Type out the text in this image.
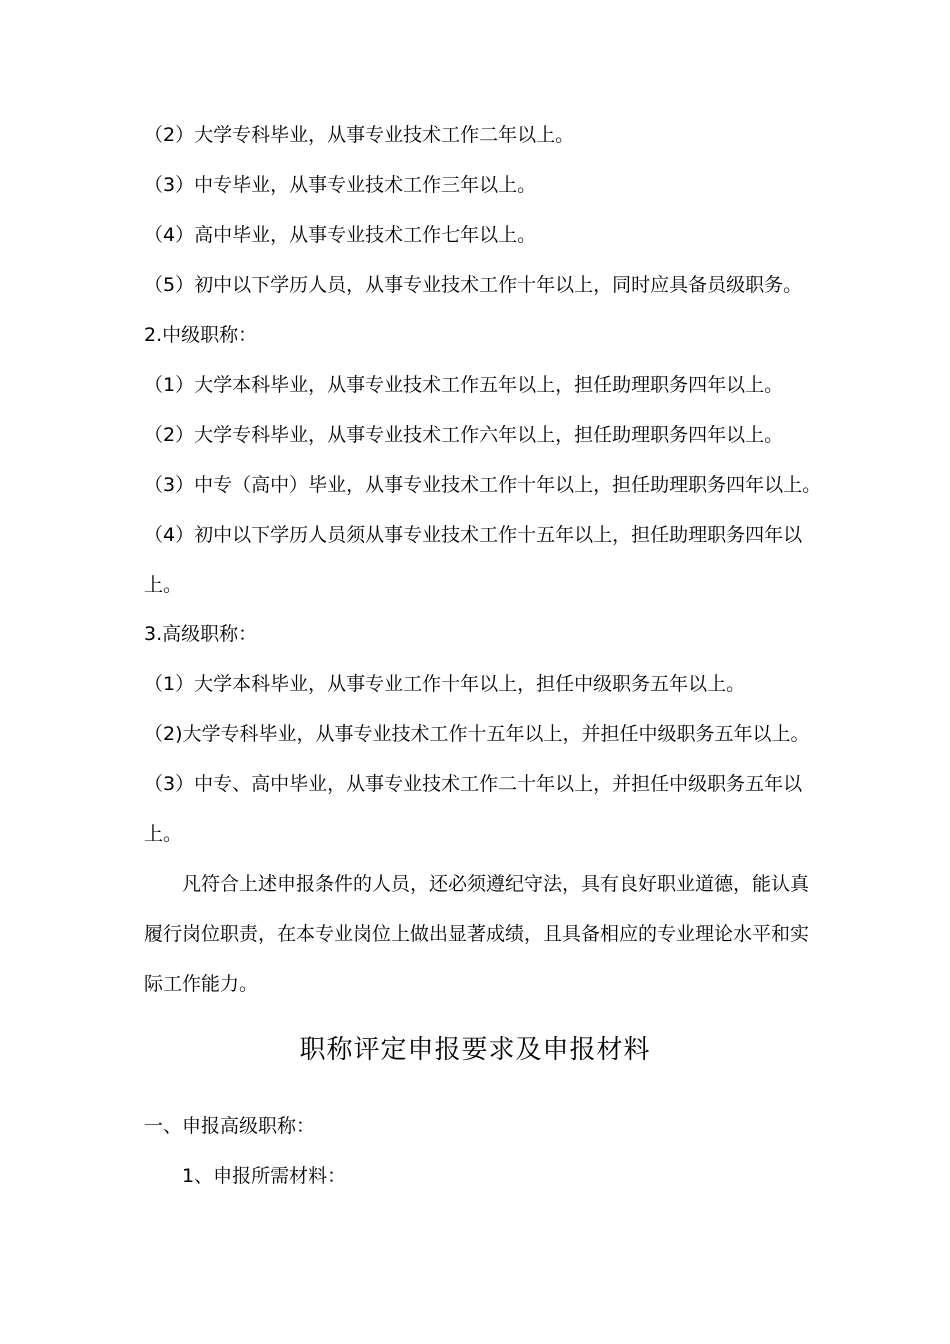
（2）大学专科毕业，从事专业技术工作二年以上。
（3）中专毕业，从事专业技术工作三年以上。
（4）高中毕业，从事专业技术工作七年以上。
（5）初中以下学历人员，从事专业技术工作十年以上，同时应具备员级职务。
2.中级职称：
（1）大学本科毕业，从事专业技术工作五年以上，担任助理职务四年以上。
（2）大学专科毕业，从事专业技术工作六年以上，担任助理职务四年以上。
（3）中专（高中）毕业，从事专业技术工作十年以上，担任助理职务四年以上。
（4）初中以下学历人员须从事专业技术工作十五年以上，担任助理职务四年以
上。
3.高级职称：
（1）大学本科毕业，从事专业工作十年以上，担任中级职务五年以上。
（2)大学专科毕业，从事专业技术工作十五年以上，并担任中级职务五年以上。
（3）中专、高中毕业，从事专业技术工作二十年以上，并担任中级职务五年以
上。
凡符合上述申报条件的人员，还必须遵纪守法，具有良好职业道德，能认真
履行岗位职责，在本专业岗位上做出显著成绩，且具备相应的专业理论水平和实
际工作能力。
职称评定申报要求及申报材料
一、申报高级职称：
1、申报所需材料：
